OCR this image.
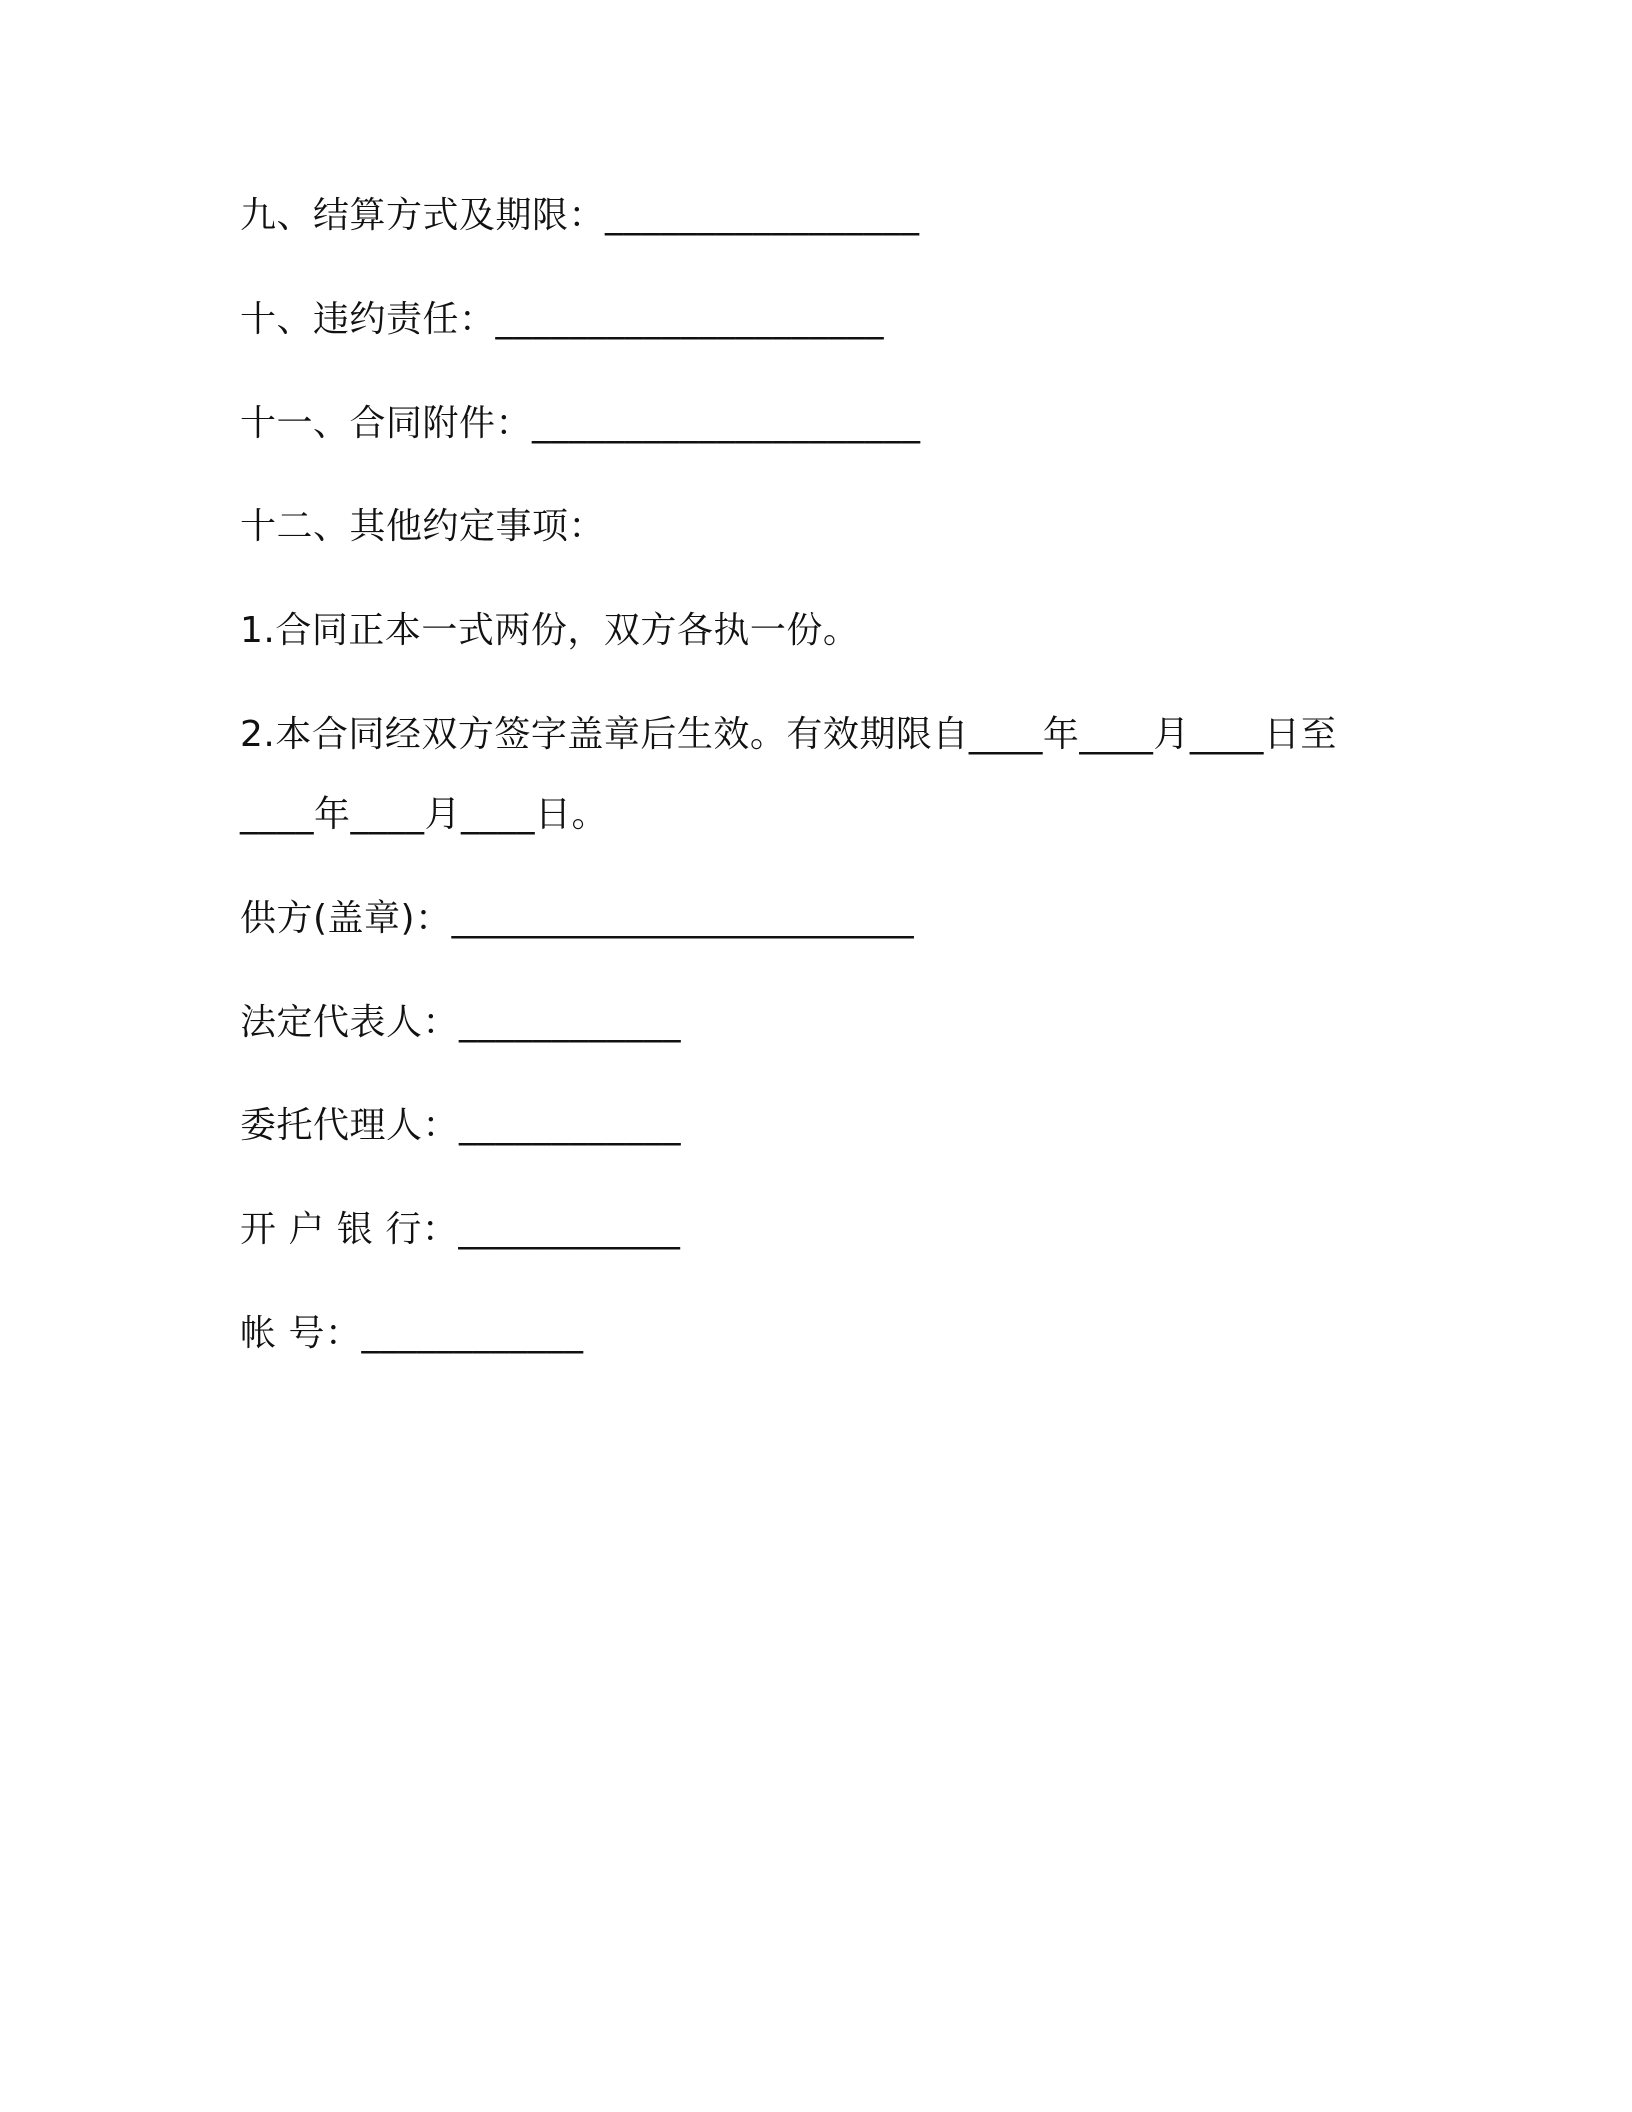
九、结算方式及期限：_________________
十、违约责任：_____________________
十一、合同附件：_____________________
十二、其他约定事项：
1.合同正本一式两份，双方各执一份。
2.本合同经双方签字盖章后生效。有效期限自____年____月____日至
____年____月____日。
供方(盖章)：_________________________
法定代表人：____________
委托代理人：____________
开 户 银 行：____________
帐 号：____________
